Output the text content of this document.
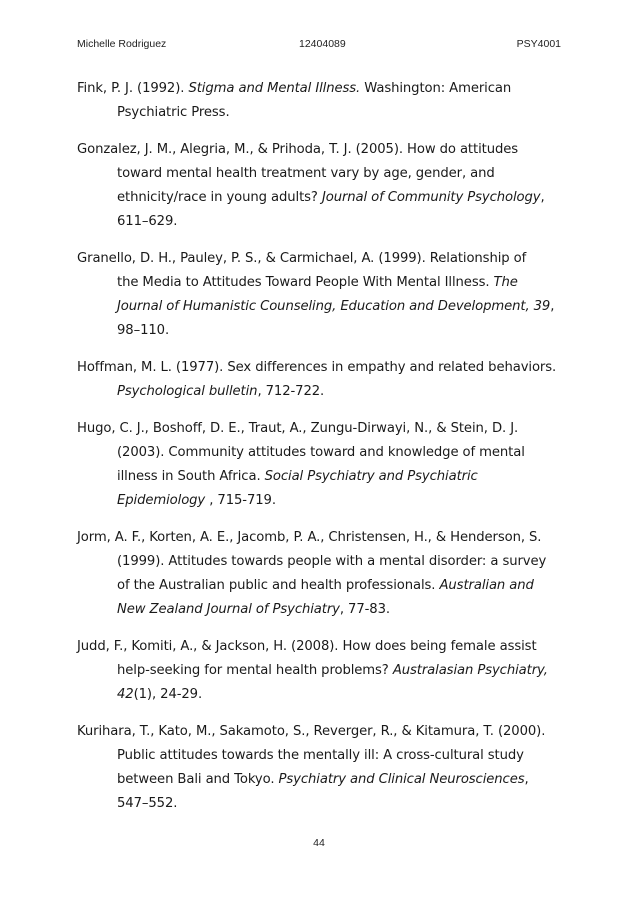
Michelle Rodriguez	12404089	PSY4001
Fink, P. J. (1992). Stigma and Mental Illness. Washington: American
Psychiatric Press.
Gonzalez, J. M., Alegria, M., & Prihoda, T. J. (2005). How do attitudes
toward mental health treatment vary by age, gender, and
ethnicity/race in young adults? Journal of Community Psychology,
611–629.
Granello, D. H., Pauley, P. S., & Carmichael, A. (1999). Relationship of
the Media to Attitudes Toward People With Mental Illness. The
Journal of Humanistic Counseling, Education and Development, 39,
98–110.
Hoffman, M. L. (1977). Sex differences in empathy and related behaviors.
Psychological bulletin, 712-722.
Hugo, C. J., Boshoff, D. E., Traut, A., Zungu-Dirwayi, N., & Stein, D. J.
(2003). Community attitudes toward and knowledge of mental
illness in South Africa. Social Psychiatry and Psychiatric
Epidemiology , 715-719.
Jorm, A. F., Korten, A. E., Jacomb, P. A., Christensen, H., & Henderson, S.
(1999). Attitudes towards people with a mental disorder: a survey
of the Australian public and health professionals. Australian and
New Zealand Journal of Psychiatry, 77-83.
Judd, F., Komiti, A., & Jackson, H. (2008). How does being female assist
help-seeking for mental health problems? Australasian Psychiatry,
42(1), 24-29.
Kurihara, T., Kato, M., Sakamoto, S., Reverger, R., & Kitamura, T. (2000).
Public attitudes towards the mentally ill: A cross-cultural study
between Bali and Tokyo. Psychiatry and Clinical Neurosciences,
547–552.
44
